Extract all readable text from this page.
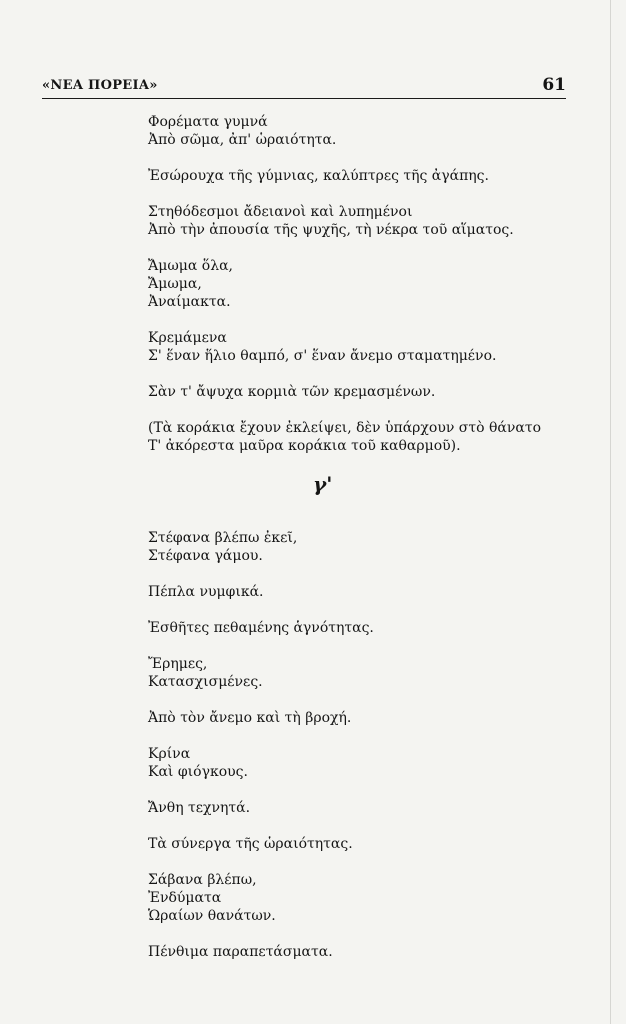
«ΝΕΑ ΠΟΡΕΙΑ»	61
Φορέματα γυμνά
Ἀπὸ σῶμα, ἀπ' ὡραιότητα.
Ἐσώρουχα τῆς γύμνιας, καλύπτρες τῆς ἀγάπης.
Στηθόδεσμοι ἄδειανοὶ καὶ λυπημένοι
Ἀπὸ τὴν ἀπουσία τῆς ψυχῆς, τὴ νέκρα τοῦ αἵματος.
Ἄμωμα ὅλα,
Ἄμωμα,
Ἀναίμακτα.
Κρεμάμενα
Σ' ἕναν ἥλιο θαμπό, σ' ἕναν ἄνεμο σταματημένο.
Σὰν τ' ἄψυχα κορμιὰ τῶν κρεμασμένων.
(Τὰ κοράκια ἔχουν ἐκλείψει, δὲν ὑπάρχουν στὸ θάνατο
Τ' ἀκόρεστα μαῦρα κοράκια τοῦ καθαρμοῦ).
γ'
Στέφανα βλέπω ἐκεῖ,
Στέφανα γάμου.
Πέπλα νυμφικά.
Ἐσθῆτες πεθαμένης ἁγνότητας.
Ἔρημες,
Κατασχισμένες.
Ἀπὸ τὸν ἄνεμο καὶ τὴ βροχή.
Κρίνα
Καὶ φιόγκους.
Ἄνθη τεχνητά.
Τὰ σύνεργα τῆς ὡραιότητας.
Σάβανα βλέπω,
Ἐνδύματα
Ὡραίων θανάτων.
Πένθιμα παραπετάσματα.
